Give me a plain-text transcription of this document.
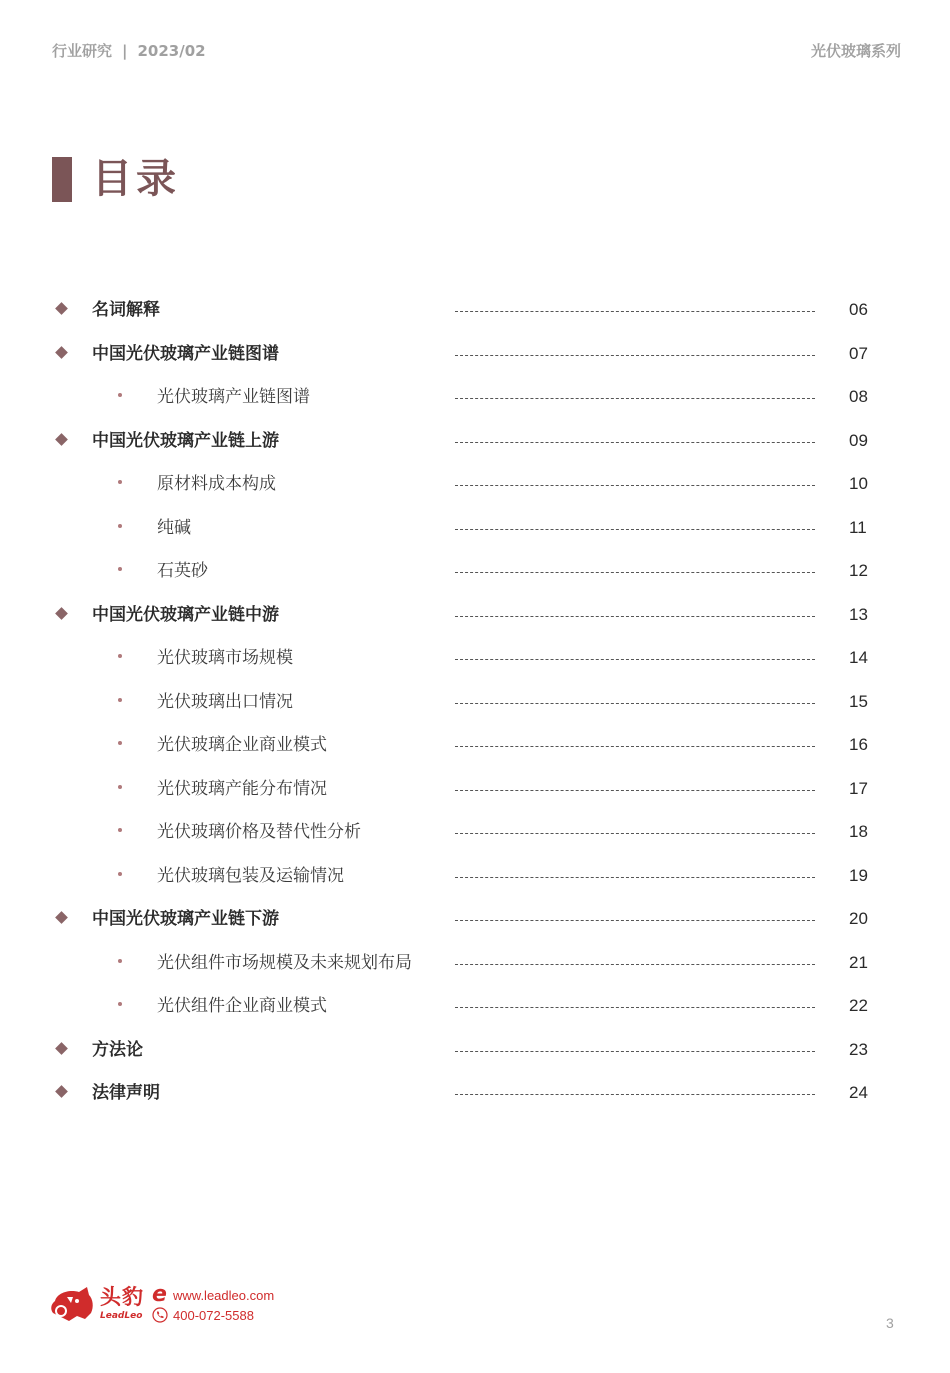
行业研究 | 2023/02	光伏玻璃系列
目录
名词解释	06
中国光伏玻璃产业链图谱	07
光伏玻璃产业链图谱	08
中国光伏玻璃产业链上游	09
原材料成本构成	10
纯碱	11
石英砂	12
中国光伏玻璃产业链中游	13
光伏玻璃市场规模	14
光伏玻璃出口情况	15
光伏玻璃企业商业模式	16
光伏玻璃产能分布情况	17
光伏玻璃价格及替代性分析	18
光伏玻璃包装及运输情况	19
中国光伏玻璃产业链下游	20
光伏组件市场规模及未来规划布局	21
光伏组件企业商业模式	22
方法论	23
法律声明	24
头豹
LeadLeo
e www.leadleo.com
400-072-5588	3
